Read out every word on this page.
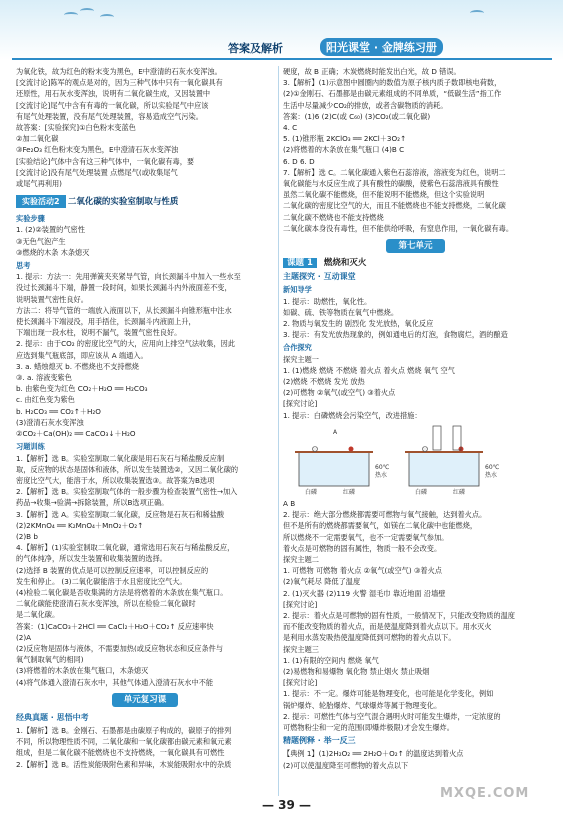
答案及解析	阳光课堂 · 金牌练习册
为氧化铁，故为红色的粉末变为黑色，E中澄清的石灰水变浑浊。
[交流讨论]陈军的观点是对的，因为三种气体中只有一氧化碳具有
还原性，用石灰水变浑浊，说明有二氧化碳生成，又因装置中
[交流讨论]尾气中含有有毒的一氧化碳，所以实验尾气中应该
有尾气处理装置，没有尾气处理装置，容易造成空气污染。
故答案：[实验探究]①白色粉末变蓝色
②加二氧化碳
③Fe₂O₃ 红色粉末变为黑色，E中澄清石灰水变浑浊
[实验结论]气体中含有这三种气体中，一氧化碳有毒，要
[交流讨论]没有尾气处理装置 点燃尾气(或收集尾气
或尾气再利用)
实验活动2 二氧化碳的实验室制取与性质
实验步骤
1. (2)②装置的气密性
③无色气泡产生
③燃烧的木条 木条熄灭
思考
1. 提示：方法一：先用弹簧夹夹紧导气管，向长颈漏斗中加入一些水至
没过长颈漏斗下端，静置一段时间，如果长颈漏斗内外液面差不变，
说明装置气密性良好。
方法二：将导气管的一端放入液面以下，从长颈漏斗向锥形瓶中注水
使长颈漏斗下端浸没，用手捂住，长颈漏斗内液面上升，
下端出现一段水柱，说明不漏气，装置气密性良好。
2. 提示：由于CO₂ 的密度比空气的大，应用向上排空气法收集，因此
应选到集气瓶底部，即应该从 A 端通入。
3. a. 蜡烛熄灭 b. 不燃烧也不支持燃烧
③. a. 溶液变紫色
b. 由紫色变为红色 CO₂＋H₂O ══ H₂CO₃
c. 由红色变为紫色
b. H₂CO₃ ══ CO₂↑＋H₂O
(3)澄清石灰水变浑浊
②CO₂＋Ca(OH)₂ ══ CaCO₃↓＋H₂O
习题训练
1.【解析】选 B。实验室制取二氧化碳是用石灰石与稀盐酸反应制
取，反应物的状态是固体和液体，所以发生装置选②，又因二氧化碳的
密度比空气大，能溶于水，所以收集装置选③。故答案为B选项
2.【解析】选 B。实验室制取气体的一般步骤为检查装置气密性→加入
药品→收集→验满→拆除装置，所以B选项正确。
3.【解析】选 A。实验室制取二氧化碳，反应物是石灰石和稀盐酸
(2)2KMnO₄ ══ K₂MnO₄＋MnO₂＋O₂↑
(2)B b
4.【解析】(1)实验室制取二氧化碳，通常选用石灰石与稀盐酸反应，
的气体纯净，所以发生装置和收集装置的选择。
(2)选择 B 装置的优点是可以控制反应速率，可以控制反应的
发生和停止。 (3)二氧化碳能溶于水且密度比空气大。
(4)检验二氧化碳是否收集满的方法是将燃着的木条放在集气瓶口。
二氧化碳能使澄清石灰水变浑浊，所以在检验二氧化碳时
是二氧化碳。
答案：(1)CaCO₃＋2HCl ══ CaCl₂＋H₂O＋CO₂↑ 反应速率快
(2)A
(2)反应物是固体与液体，不需要加热(或反应物状态和反应条件与
氧气制取氧气的相同)
(3)将燃着的木条放在集气瓶口，木条熄灭
(4)将气体通入澄清石灰水中，其他气体通入澄清石灰水中不能
单元复习课
经典真题 · 思悟中考
1.【解析】选 B。金刚石、石墨都是由碳原子构成的，碳原子的排列
不同，所以物理性质不同，二氧化碳和一氧化碳都由碳元素和氧元素
组成，但是二氧化碳不能燃烧也不支持燃烧，一氧化碳具有可燃性
2.【解析】选 B。活性炭能吸附色素和异味，木炭能吸附水中的杂质
硬度，故 B 正确；木炭燃烧时能发出白光，故 D 错误。
3.【解析】(1)示意图中圆圈内的数值为原子核内质子数即核电荷数，
(2)①金刚石、石墨都是由碳元素组成的不同单质，“低碳生活”指工作
生活中尽量减少CO₂的排放，或者含碳物质的消耗。
答案：(1)6 (2)C(或 C₆₀) (3)CO₂(或二氧化碳)
4. C
5. (1)锥形瓶 2KClO₃ ══ 2KCl＋3O₂↑
(2)将燃着的木条放在集气瓶口 (4)B C
6. D 6. D
7.【解析】选 C。二氧化碳通入紫色石蕊溶液，溶液变为红色，说明二
氧化碳能与水反应生成了具有酸性的碳酸，使紫色石蕊溶液具有酸性
虽然二氧化碳不能燃烧，但不能说明不能燃烧，但这个实验说明
二氧化碳的密度比空气的大，而且不能燃烧也不能支持燃烧，二氧化碳
二氧化碳不燃烧也不能支持燃烧
二氧化碳本身没有毒性，但不能供给呼吸，有窒息作用，一氧化碳有毒。
第七单元
课题 1 燃烧和灭火
主题探究 · 互动课堂
新知导学
1. 提示：助燃性，氧化性。
如碳、硫、铁等物质在氧气中燃烧。
2. 物质与氧发生的 剧烈化 发光放热，氧化反应
3. 提示：有发光放热现象的，例如通电后的灯泡，食物腐烂，酒的酿造
合作探究
探究主题一
1. (1)燃烧 燃烧 不燃烧 着火点 着火点 燃烧 氧气 空气
(2)燃烧 不燃烧 发光 放热
(2)可燃物 ②氧气(或空气) ③着火点
[探究讨论]
1. 提示：白磷燃烧会污染空气，改进措施：
60℃
热水
60℃
热水
白磷	红磷	白磷	红磷
A
A B
2. 提示：绝大部分燃烧都需要可燃物与氧气接触，达到着火点。
但不是所有的燃烧都需要氧气，如镁在二氧化碳中也能燃烧，
所以燃烧不一定需要氧气，也不一定需要氧气参加。
着火点是可燃物的固有属性，物质一般不会改变。
探究主题二
1. 可燃物 可燃物 着火点 ②氧气(或空气) ③着火点
(2)氧气耗尽 降低了温度
2. (1)灭火器 (2)119 火警 湿毛巾 靠近地面 沿墙壁
[探究讨论]
2. 提示：着火点是可燃物的固有性质，一般情况下，只能改变物质的温度
而不能改变物质的着火点，而是使温度降到着火点以下。用水灭火
是利用水蒸发吸热使温度降低到可燃物的着火点以下。
探究主题三
1. (1)有限的空间内 燃烧 氧气
(2)易燃物和易爆物 氧化物 禁止烟火 禁止吸烟
[探究讨论]
1. 提示：不一定。爆炸可能是物理变化，也可能是化学变化，例如
锅炉爆炸、轮胎爆炸、气球爆炸等属于物理变化。
2. 提示：可燃性气体与空气混合遇明火时可能发生爆炸，一定浓度的
可燃物粉尘和一定的范围(即爆炸极限)才会发生爆炸。
精题例释 · 举一反三
【典例 1】(1)2H₂O₂ ══ 2H₂O＋O₂↑ 的温度达到着火点
(2)可以使温度降至可燃物的着火点以下
— 39 —
MXQE.COM
